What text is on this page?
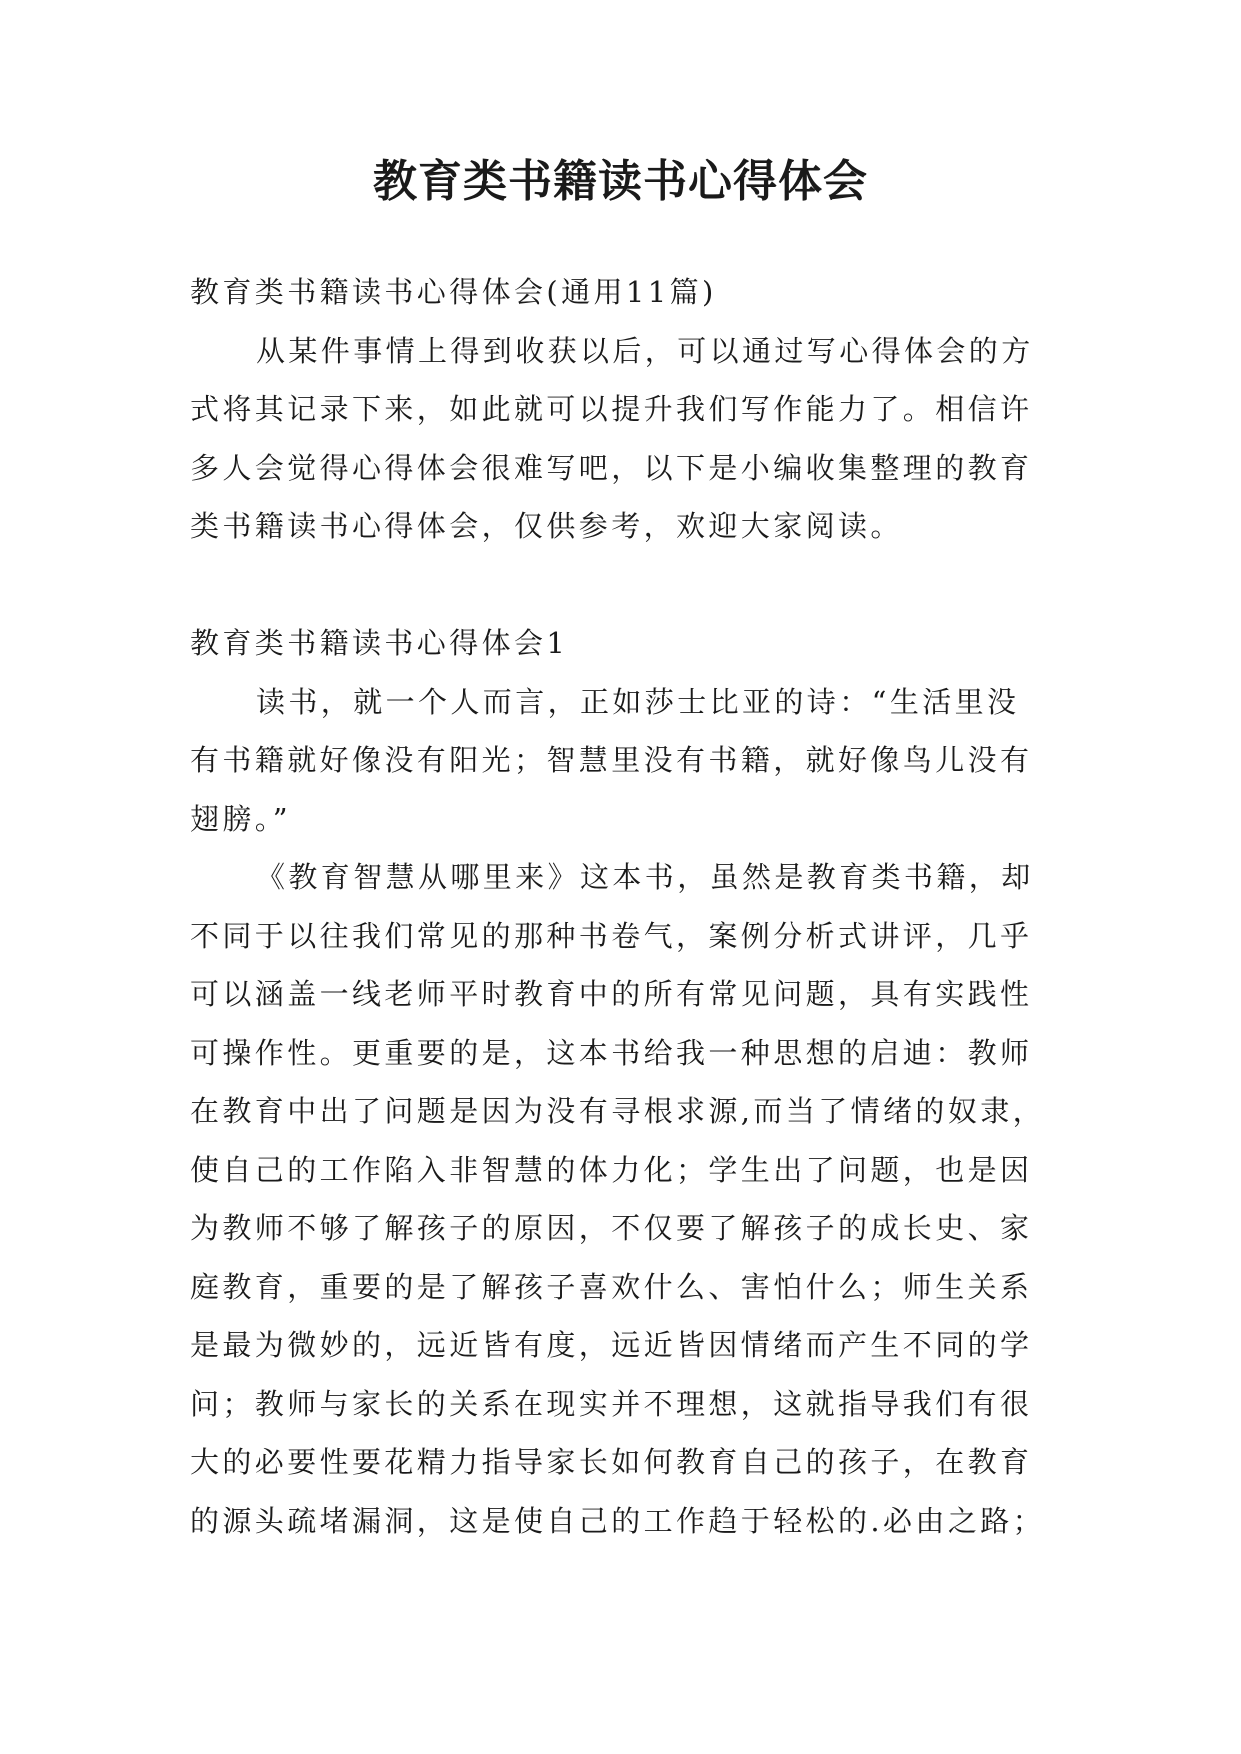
教育类书籍读书心得体会

教育类书籍读书心得体会(通用11篇)

从某件事情上得到收获以后，可以通过写心得体会的方

式将其记录下来，如此就可以提升我们写作能力了。相信许

多人会觉得心得体会很难写吧，以下是小编收集整理的教育

类书籍读书心得体会，仅供参考，欢迎大家阅读。

教育类书籍读书心得体会1

读书，就一个人而言，正如莎士比亚的诗：“生活里没

有书籍就好像没有阳光；智慧里没有书籍，就好像鸟儿没有

翅膀。”

《教育智慧从哪里来》这本书，虽然是教育类书籍，却

不同于以往我们常见的那种书卷气，案例分析式讲评，几乎

可以涵盖一线老师平时教育中的所有常见问题，具有实践性

可操作性。更重要的是，这本书给我一种思想的启迪：教师

在教育中出了问题是因为没有寻根求源,而当了情绪的奴隶，

使自己的工作陷入非智慧的体力化；学生出了问题，也是因

为教师不够了解孩子的原因，不仅要了解孩子的成长史、家

庭教育，重要的是了解孩子喜欢什么、害怕什么；师生关系

是最为微妙的，远近皆有度，远近皆因情绪而产生不同的学

问；教师与家长的关系在现实并不理想，这就指导我们有很

大的必要性要花精力指导家长如何教育自己的孩子，在教育

的源头疏堵漏洞，这是使自己的工作趋于轻松的.必由之路；
